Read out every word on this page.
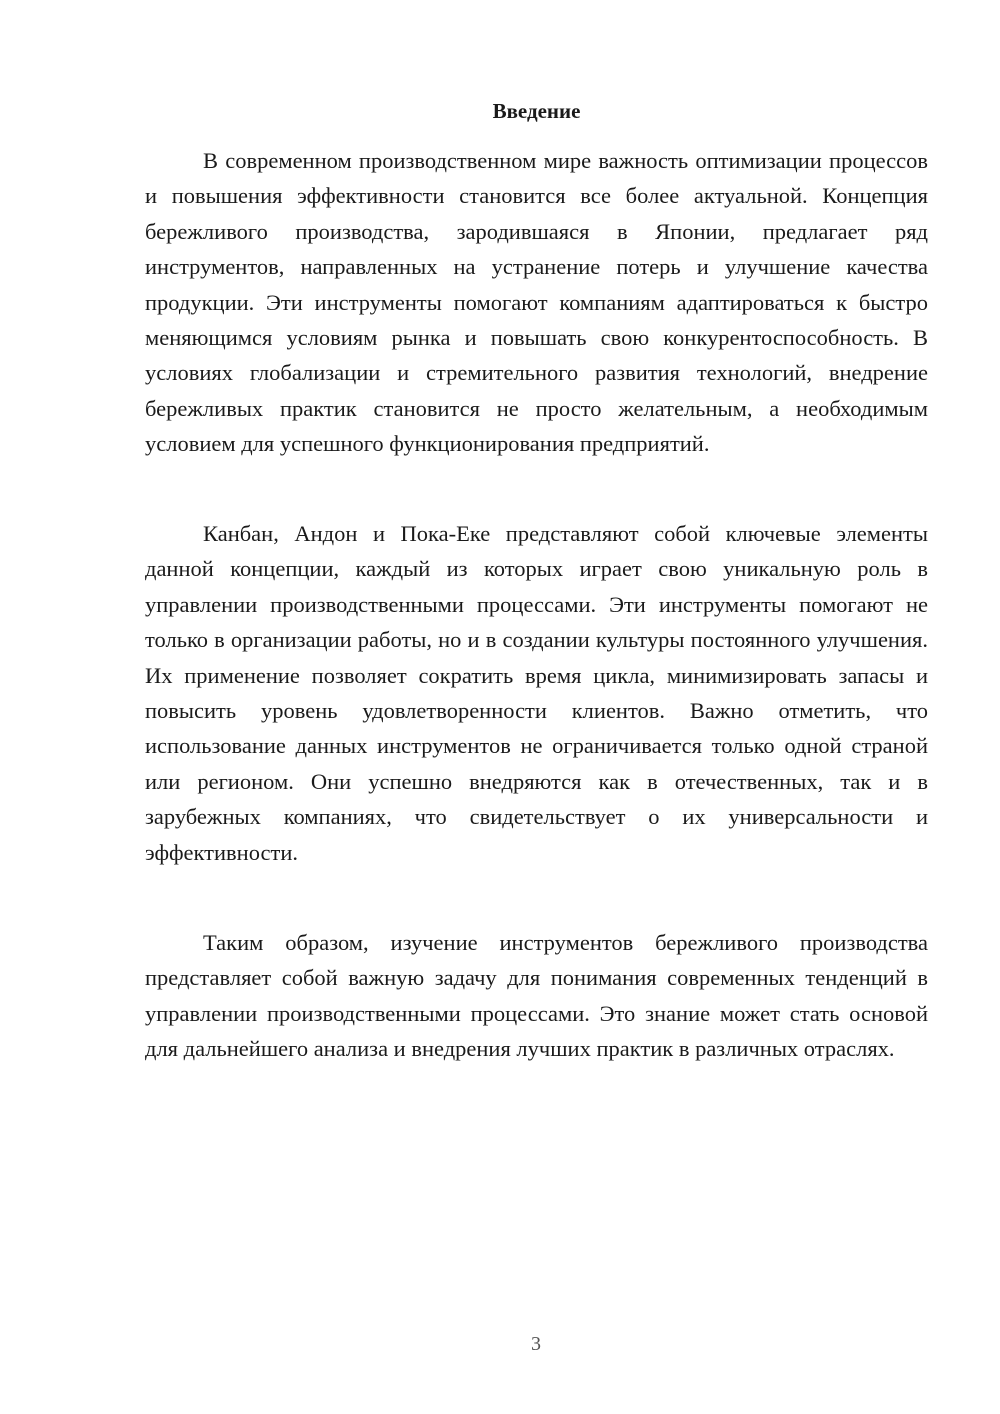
Введение

В современном производственном мире важность оптимизации процессов и повышения эффективности становится все более актуальной. Концепция бережливого производства, зародившаяся в Японии, предлагает ряд инструментов, направленных на устранение потерь и улучшение качества продукции. Эти инструменты помогают компаниям адаптироваться к быстро меняющимся условиям рынка и повышать свою конкурентоспособность. В условиях глобализации и стремительного развития технологий, внедрение бережливых практик становится не просто желательным, а необходимым условием для успешного функционирования предприятий.

Канбан, Андон и Пока-Еке представляют собой ключевые элементы данной концепции, каждый из которых играет свою уникальную роль в управлении производственными процессами. Эти инструменты помогают не только в организации работы, но и в создании культуры постоянного улучшения. Их применение позволяет сократить время цикла, минимизировать запасы и повысить уровень удовлетворенности клиентов. Важно отметить, что использование данных инструментов не ограничивается только одной страной или регионом. Они успешно внедряются как в отечественных, так и в зарубежных компаниях, что свидетельствует о их универсальности и эффективности.

Таким образом, изучение инструментов бережливого производства представляет собой важную задачу для понимания современных тенденций в управлении производственными процессами. Это знание может стать основой для дальнейшего анализа и внедрения лучших практик в различных отраслях.

3
